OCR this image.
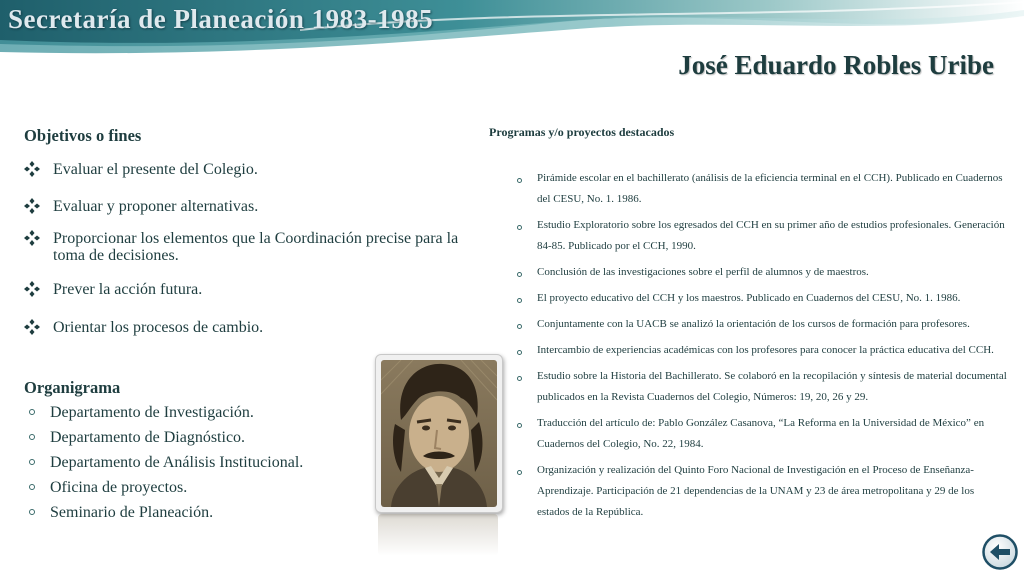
Secretaría de Planeación 1983-1985
José Eduardo Robles Uribe
Objetivos o fines
Evaluar el presente del Colegio.
Evaluar y proponer alternativas.
Proporcionar los elementos que la Coordinación precise para la toma de decisiones.
Prever la acción futura.
Orientar los procesos de cambio.
Organigrama
Departamento de Investigación.
Departamento de Diagnóstico.
Departamento de Análisis Institucional.
Oficina de proyectos.
Seminario de Planeación.
Programas y/o proyectos destacados
Pirámide escolar en el bachillerato (análisis de la eficiencia terminal en el CCH). Publicado en Cuadernos del CESU, No. 1. 1986.
Estudio Exploratorio sobre los egresados del CCH en su primer año de estudios profesionales. Generación 84-85. Publicado por el CCH, 1990.
Conclusión de las investigaciones sobre el perfil de alumnos y de maestros.
El proyecto educativo del CCH y los maestros. Publicado en Cuadernos del CESU, No. 1. 1986.
Conjuntamente con la UACB se analizó la orientación de los cursos de formación para profesores.
Intercambio de experiencias académicas con los profesores para conocer la práctica educativa del CCH.
Estudio sobre la Historia del Bachillerato. Se colaboró en la recopilación y síntesis de material documental publicados en la Revista Cuadernos del Colegio, Números: 19, 20, 26 y 29.
Traducción del artículo de: Pablo González Casanova, “La Reforma en la Universidad de México” en Cuadernos del Colegio, No. 22, 1984.
Organización y realización del Quinto Foro Nacional de Investigación en el Proceso de Enseñanza-Aprendizaje. Participación de 21 dependencias de la UNAM y 23 de área metropolitana y 29 de los estados de la República.
